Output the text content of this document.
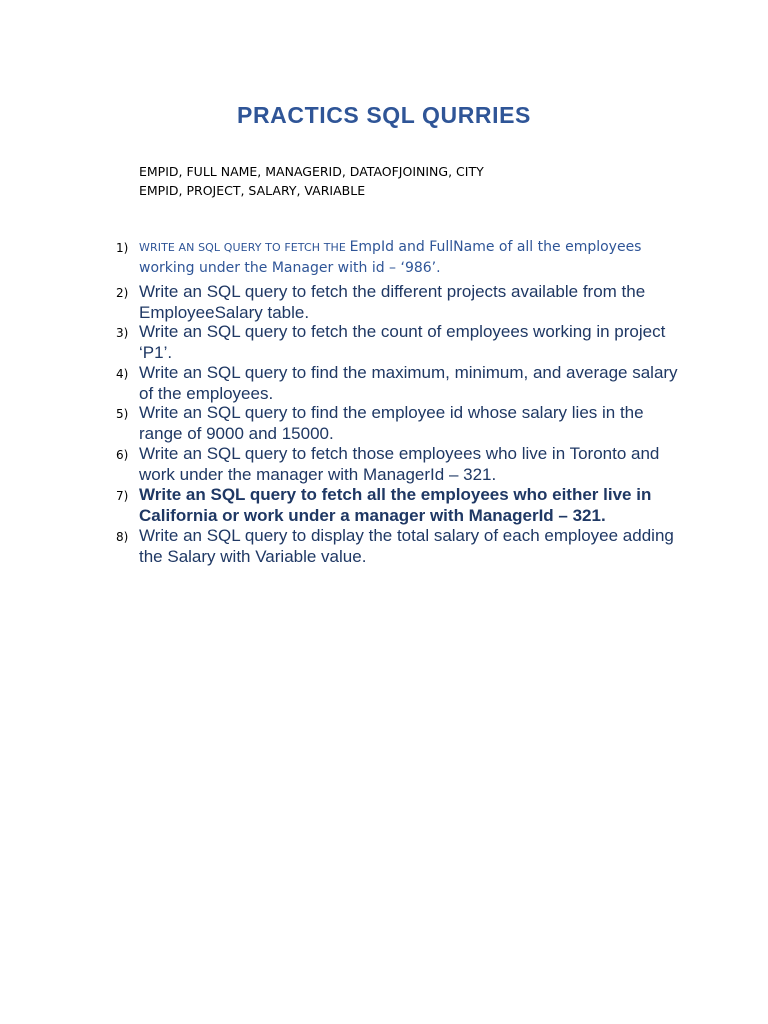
PRACTICS SQL QURRIES
EMPID, FULL NAME, MANAGERID, DATAOFJOINING, CITY
EMPID, PROJECT, SALARY, VARIABLE
1) WRITE AN SQL QUERY TO FETCH THE EmpId and FullName of all the employees working under the Manager with id – ‘986’.
2) Write an SQL query to fetch the different projects available from the EmployeeSalary table.
3) Write an SQL query to fetch the count of employees working in project ‘P1’.
4) Write an SQL query to find the maximum, minimum, and average salary of the employees.
5) Write an SQL query to find the employee id whose salary lies in the range of 9000 and 15000.
6) Write an SQL query to fetch those employees who live in Toronto and work under the manager with ManagerId – 321.
7) Write an SQL query to fetch all the employees who either live in California or work under a manager with ManagerId – 321.
8) Write an SQL query to display the total salary of each employee adding the Salary with Variable value.
